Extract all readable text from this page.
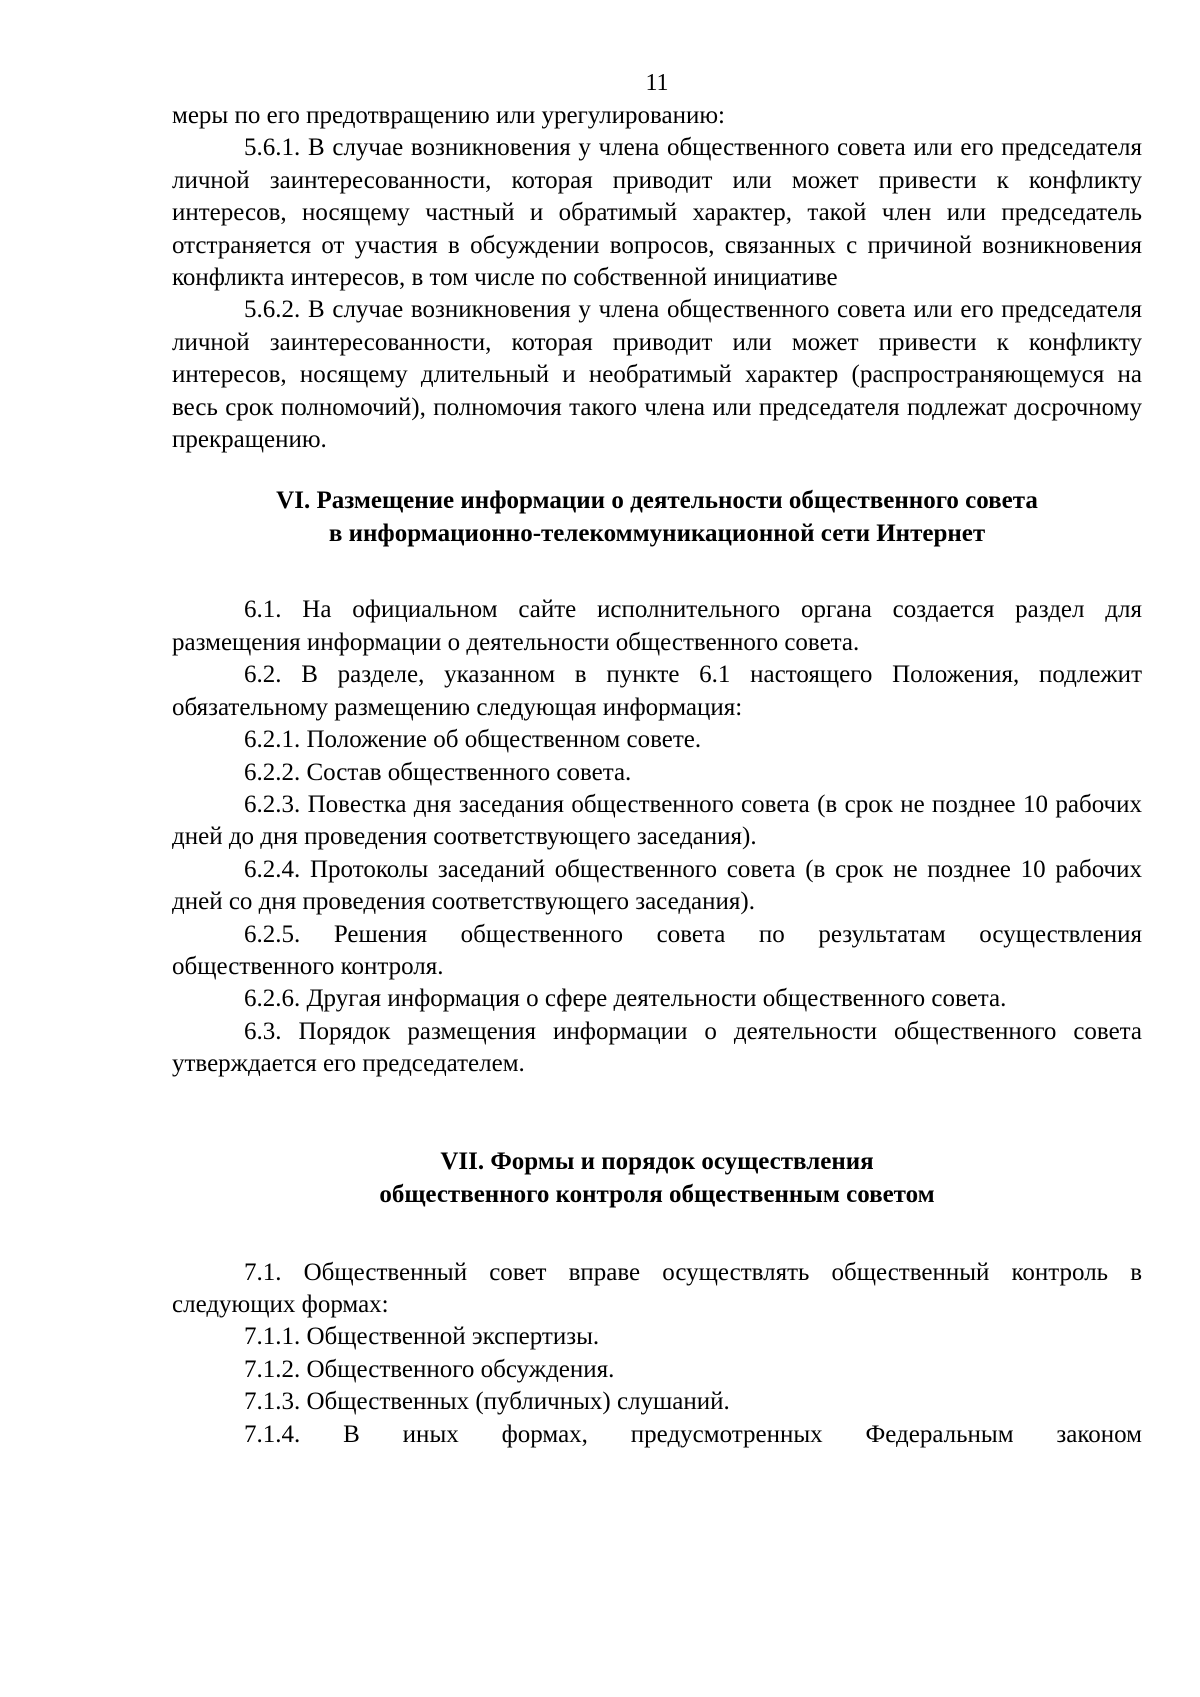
11

меры по его предотвращению или урегулированию:

5.6.1. В случае возникновения у члена общественного совета или его председателя личной заинтересованности, которая приводит или может привести к конфликту интересов, носящему частный и обратимый характер, такой член или председатель отстраняется от участия в обсуждении вопросов, связанных с причиной возникновения конфликта интересов, в том числе по собственной инициативе

5.6.2. В случае возникновения у члена общественного совета или его председателя личной заинтересованности, которая приводит или может привести к конфликту интересов, носящему длительный и необратимый характер (распространяющемуся на весь срок полномочий), полномочия такого члена или председателя подлежат досрочному прекращению.

VI. Размещение информации о деятельности общественного совета
в информационно-телекоммуникационной сети Интернет

6.1. На официальном сайте исполнительного органа создается раздел для размещения информации о деятельности общественного совета.

6.2. В разделе, указанном в пункте 6.1 настоящего Положения, подлежит обязательному размещению следующая информация:

6.2.1. Положение об общественном совете.

6.2.2. Состав общественного совета.

6.2.3. Повестка дня заседания общественного совета (в срок не позднее 10 рабочих дней до дня проведения соответствующего заседания).

6.2.4. Протоколы заседаний общественного совета (в срок не позднее 10 рабочих дней со дня проведения соответствующего заседания).

6.2.5. Решения общественного совета по результатам осуществления общественного контроля.

6.2.6. Другая информация о сфере деятельности общественного совета.

6.3. Порядок размещения информации о деятельности общественного совета утверждается его председателем.

VII. Формы и порядок осуществления
общественного контроля общественным советом

7.1. Общественный совет вправе осуществлять общественный контроль в следующих формах:

7.1.1. Общественной экспертизы.

7.1.2. Общественного обсуждения.

7.1.3. Общественных (публичных) слушаний.

7.1.4. В иных формах, предусмотренных Федеральным законом
